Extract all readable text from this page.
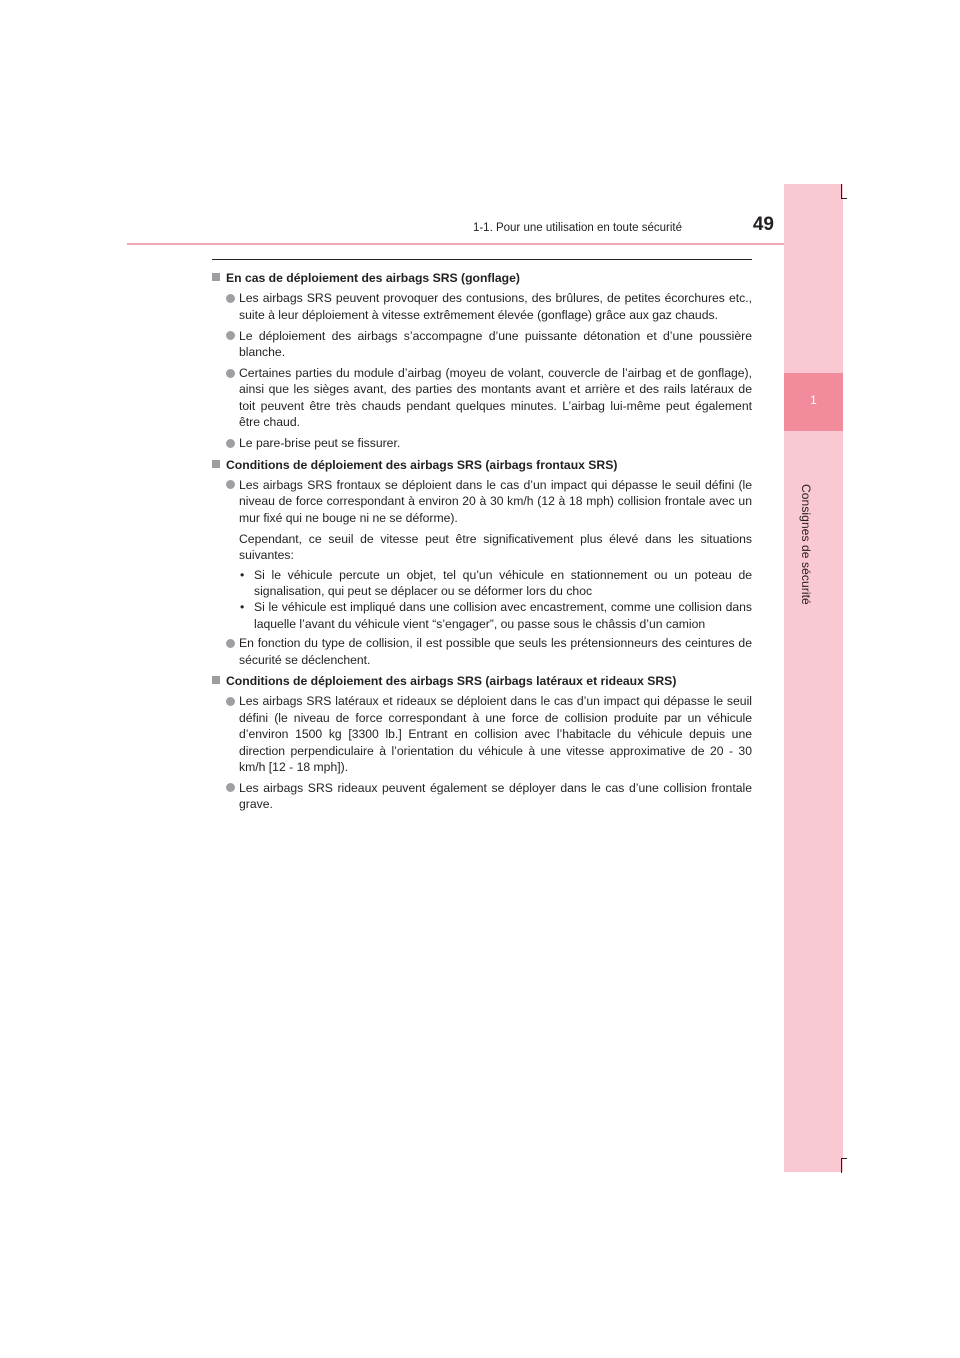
1-1. Pour une utilisation en toute sécurité	49
1
Consignes de sécurité
En cas de déploiement des airbags SRS (gonflage)
Les airbags SRS peuvent provoquer des contusions, des brûlures, de petites écorchures etc., suite à leur déploiement à vitesse extrêmement élevée (gonflage) grâce aux gaz chauds.
Le déploiement des airbags s’accompagne d’une puissante détonation et d’une poussière blanche.
Certaines parties du module d’airbag (moyeu de volant, couvercle de l’airbag et de gonflage), ainsi que les sièges avant, des parties des montants avant et arrière et des rails latéraux de toit peuvent être très chauds pendant quelques minutes. L’airbag lui-même peut également être chaud.
Le pare-brise peut se fissurer.
Conditions de déploiement des airbags SRS (airbags frontaux SRS)
Les airbags SRS frontaux se déploient dans le cas d’un impact qui dépasse le seuil défini (le niveau de force correspondant à environ 20 à 30 km/h (12 à 18 mph) collision frontale avec un mur fixé qui ne bouge ni ne se déforme).
Cependant, ce seuil de vitesse peut être significativement plus élevé dans les situations suivantes:
• Si le véhicule percute un objet, tel qu’un véhicule en stationnement ou un poteau de signalisation, qui peut se déplacer ou se déformer lors du choc
• Si le véhicule est impliqué dans une collision avec encastrement, comme une collision dans laquelle l’avant du véhicule vient “s’engager”, ou passe sous le châssis d’un camion
En fonction du type de collision, il est possible que seuls les prétensionneurs des ceintures de sécurité se déclenchent.
Conditions de déploiement des airbags SRS (airbags latéraux et rideaux SRS)
Les airbags SRS latéraux et rideaux se déploient dans le cas d’un impact qui dépasse le seuil défini (le niveau de force correspondant à une force de collision produite par un véhicule d’environ 1500 kg [3300 lb.] Entrant en collision avec l’habitacle du véhicule depuis une direction perpendiculaire à l’orientation du véhicule à une vitesse approximative de 20 - 30 km/h [12 - 18 mph]).
Les airbags SRS rideaux peuvent également se déployer dans le cas d’une collision frontale grave.
